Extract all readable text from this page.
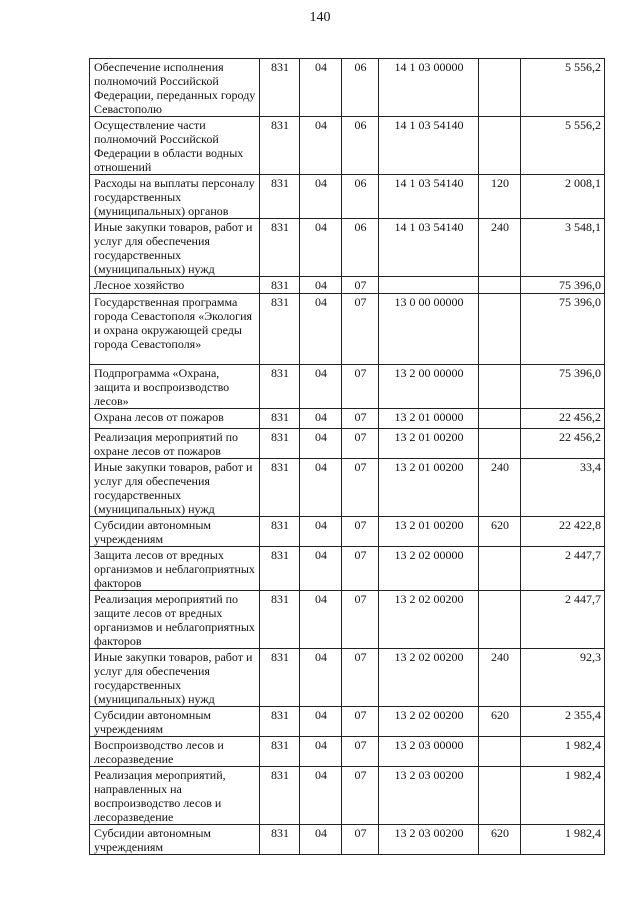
140
Обеспечение исполнения полномочий Российской Федерации, переданных городу Севастополю	831	04	06	14 1 03 00000		5 556,2
Осуществление части полномочий Российской Федерации в области водных отношений	831	04	06	14 1 03 54140		5 556,2
Расходы на выплаты персоналу государственных (муниципальных) органов	831	04	06	14 1 03 54140	120	2 008,1
Иные закупки товаров, работ и услуг для обеспечения государственных (муниципальных) нужд	831	04	06	14 1 03 54140	240	3 548,1
Лесное хозяйство	831	04	07			75 396,0
Государственная программа города Севастополя «Экология и охрана окружающей среды города Севастополя»	831	04	07	13 0 00 00000		75 396,0
Подпрограмма «Охрана, защита и воспроизводство лесов»	831	04	07	13 2 00 00000		75 396,0
Охрана лесов от пожаров	831	04	07	13 2 01 00000		22 456,2
Реализация мероприятий по охране лесов от пожаров	831	04	07	13 2 01 00200		22 456,2
Иные закупки товаров, работ и услуг для обеспечения государственных (муниципальных) нужд	831	04	07	13 2 01 00200	240	33,4
Субсидии автономным учреждениям	831	04	07	13 2 01 00200	620	22 422,8
Защита лесов от вредных организмов и неблагоприятных факторов	831	04	07	13 2 02 00000		2 447,7
Реализация мероприятий по защите лесов от вредных организмов и неблагоприятных факторов	831	04	07	13 2 02 00200		2 447,7
Иные закупки товаров, работ и услуг для обеспечения государственных (муниципальных) нужд	831	04	07	13 2 02 00200	240	92,3
Субсидии автономным учреждениям	831	04	07	13 2 02 00200	620	2 355,4
Воспроизводство лесов и лесоразведение	831	04	07	13 2 03 00000		1 982,4
Реализация мероприятий, направленных на воспроизводство лесов и лесоразведение	831	04	07	13 2 03 00200		1 982,4
Субсидии автономным учреждениям	831	04	07	13 2 03 00200	620	1 982,4
